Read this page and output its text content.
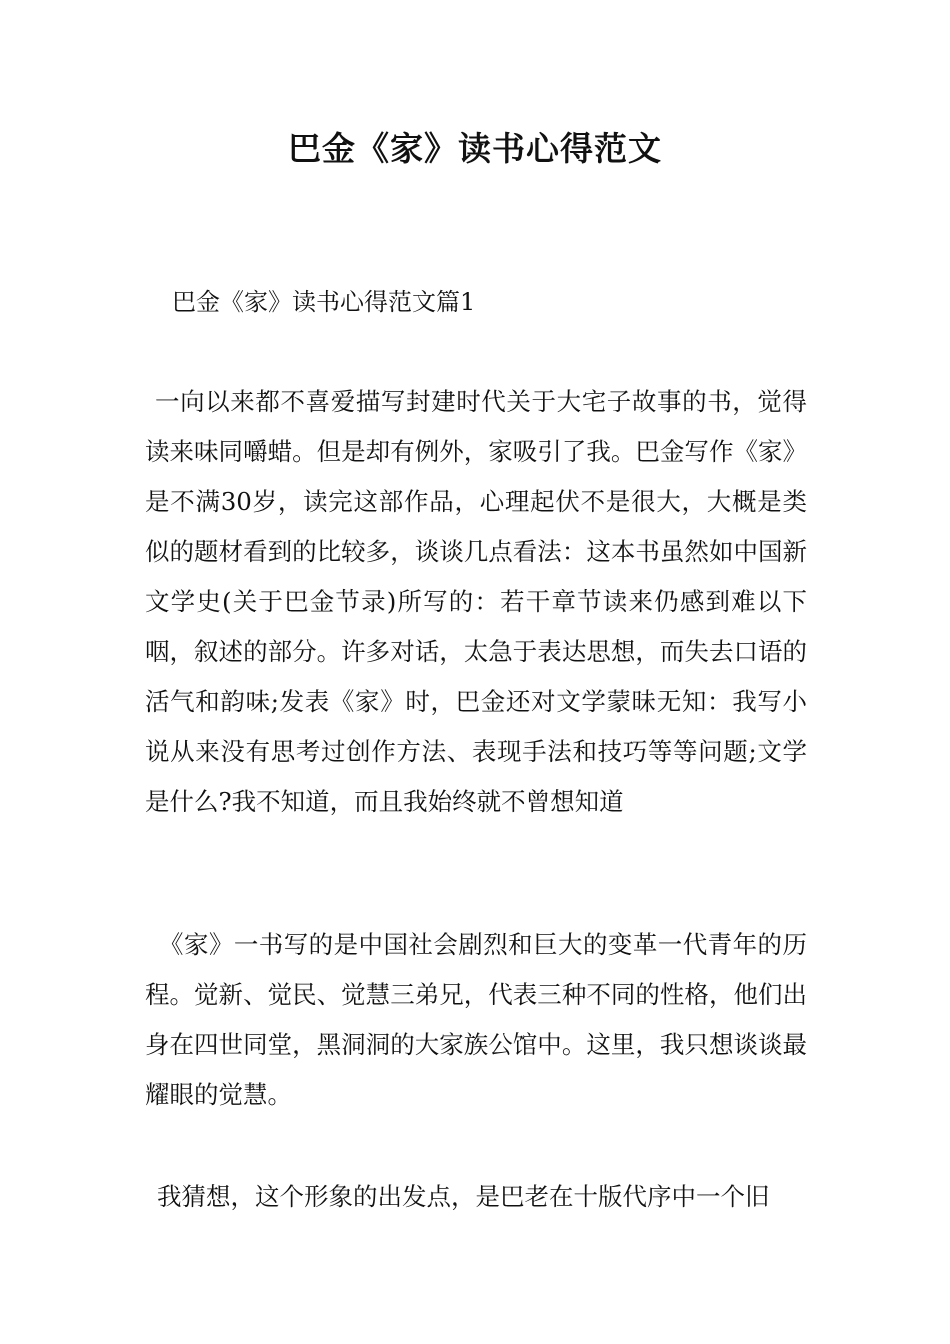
巴金《家》读书心得范文

巴金《家》读书心得范文篇1

一向以来都不喜爱描写封建时代关于大宅子故事的书，觉得读来味同嚼蜡。但是却有例外，家吸引了我。巴金写作《家》是不满30岁，读完这部作品，心理起伏不是很大，大概是类似的题材看到的比较多，谈谈几点看法：这本书虽然如中国新文学史(关于巴金节录)所写的：若干章节读来仍感到难以下咽，叙述的部分。许多对话，太急于表达思想，而失去口语的活气和韵味;发表《家》时，巴金还对文学蒙昧无知：我写小说从来没有思考过创作方法、表现手法和技巧等等问题;文学是什么?我不知道，而且我始终就不曾想知道

《家》一书写的是中国社会剧烈和巨大的变革一代青年的历程。觉新、觉民、觉慧三弟兄，代表三种不同的性格，他们出身在四世同堂，黑洞洞的大家族公馆中。这里，我只想谈谈最耀眼的觉慧。

我猜想，这个形象的出发点，是巴老在十版代序中一个旧
